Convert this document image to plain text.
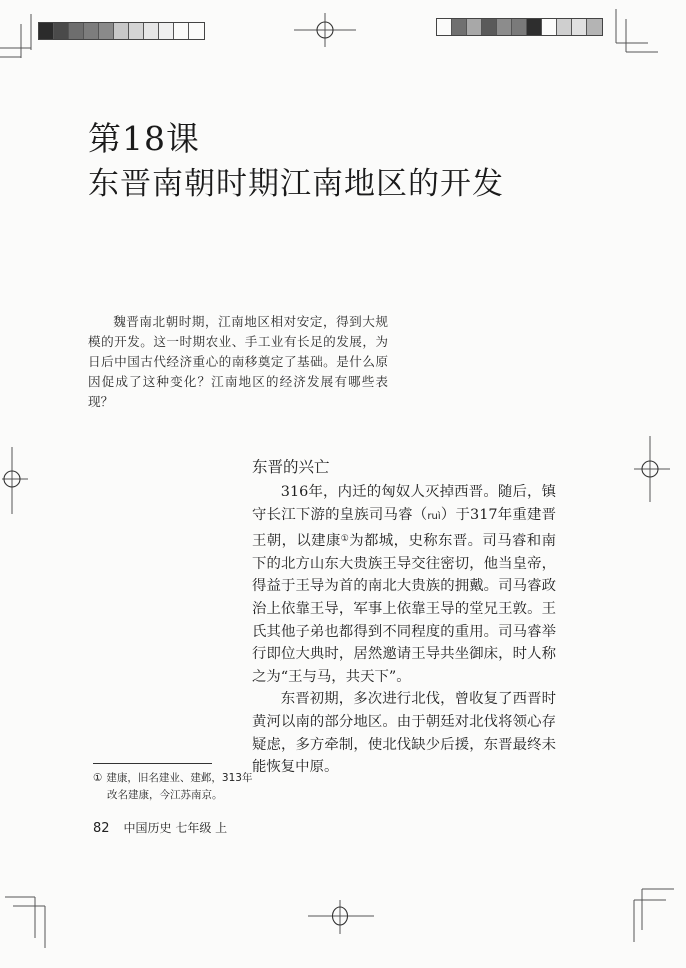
第18课
东晋南朝时期江南地区的开发

魏晋南北朝时期，江南地区相对安定，得到大规模的开发。这一时期农业、手工业有长足的发展，为日后中国古代经济重心的南移奠定了基础。是什么原因促成了这种变化？江南地区的经济发展有哪些表现？

东晋的兴亡

316年，内迁的匈奴人灭掉西晋。随后，镇守长江下游的皇族司马睿（ruì）于317年重建晋王朝，以建康①为都城，史称东晋。司马睿和南下的北方山东大贵族王导交往密切，他当皇帝，得益于王导为首的南北大贵族的拥戴。司马睿政治上依靠王导，军事上依靠王导的堂兄王敦。王氏其他子弟也都得到不同程度的重用。司马睿举行即位大典时，居然邀请王导共坐御床，时人称之为“王与马，共天下”。

东晋初期，多次进行北伐，曾收复了西晋时黄河以南的部分地区。由于朝廷对北伐将领心存疑虑，多方牵制，使北伐缺少后援，东晋最终未能恢复中原。

① 建康，旧名建业、建邺，313年
改名建康，今江苏南京。
82 中国历史 七年级 上
